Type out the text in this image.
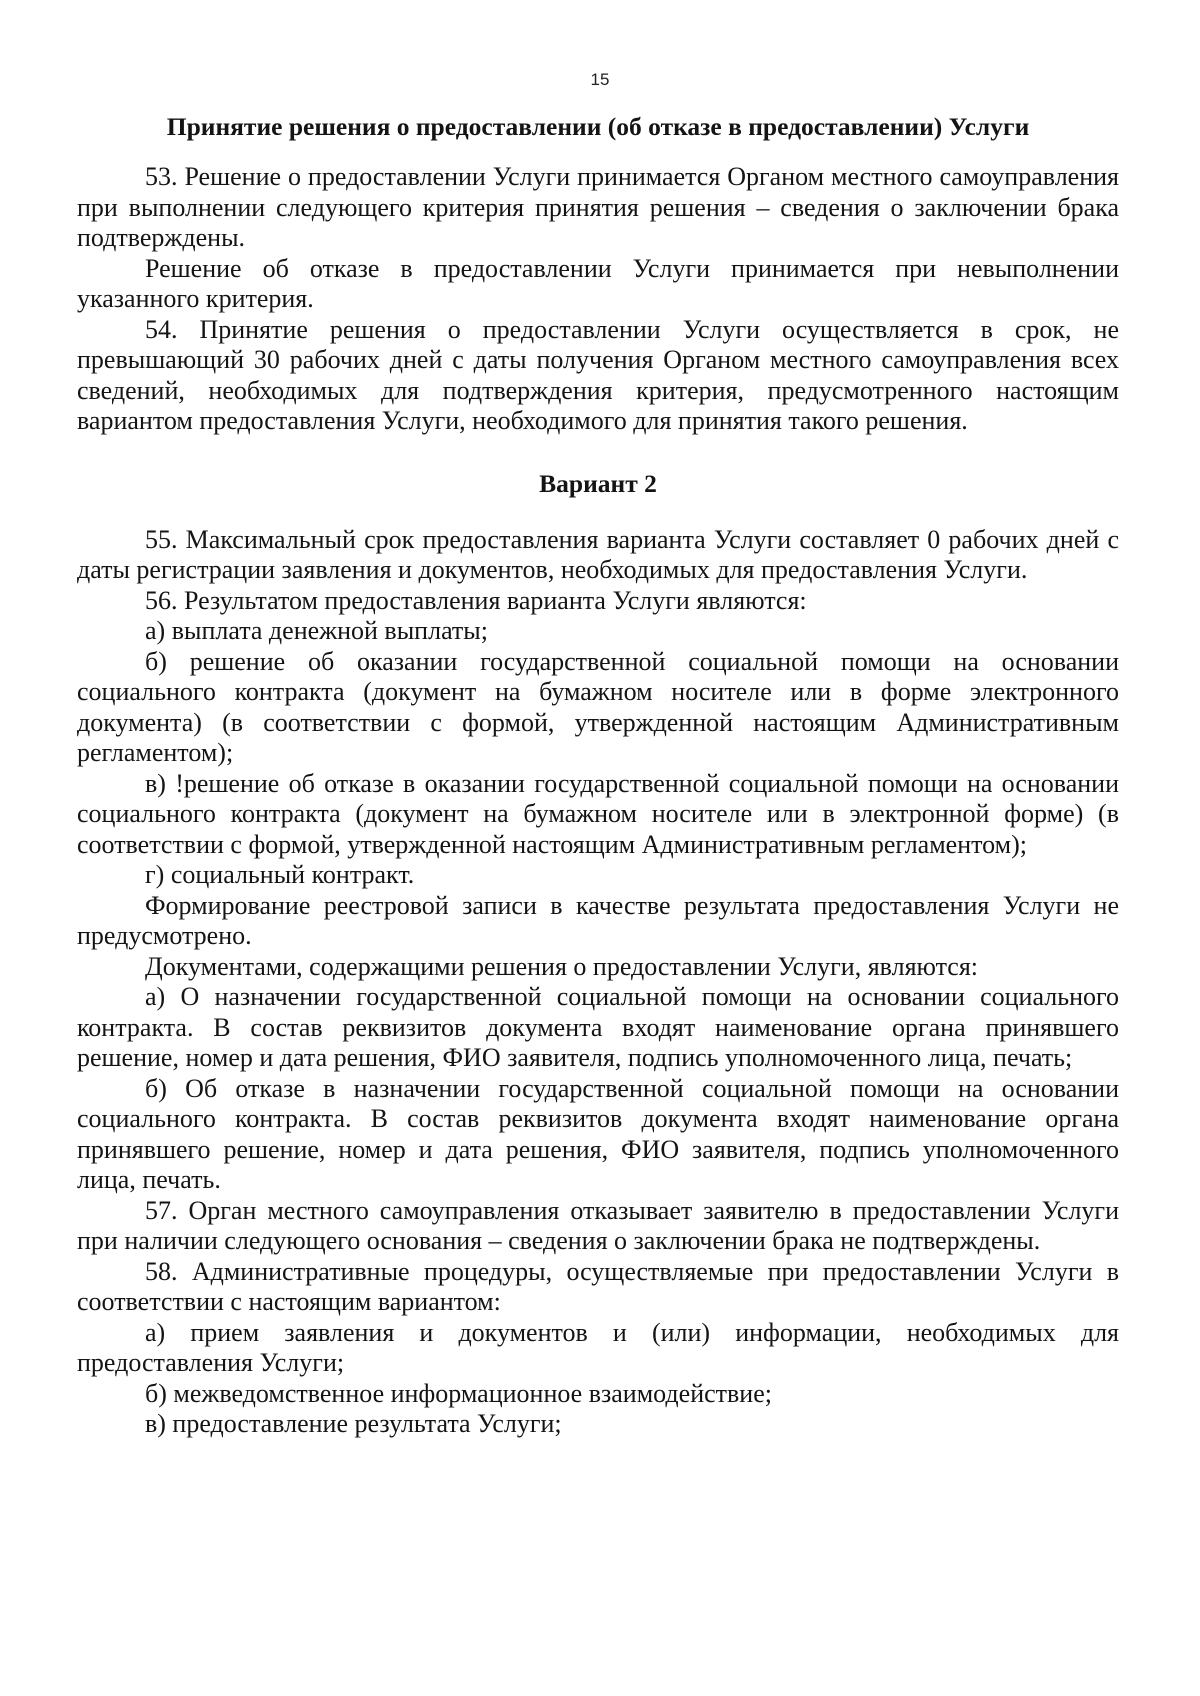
15
Принятие решения о предоставлении (об отказе в предоставлении) Услуги

53. Решение о предоставлении Услуги принимается Органом местного самоуправления при выполнении следующего критерия принятия решения – сведения о заключении брака подтверждены.

Решение об отказе в предоставлении Услуги принимается при невыполнении указанного критерия.

54. Принятие решения о предоставлении Услуги осуществляется в срок, не превышающий 30 рабочих дней с даты получения Органом местного самоуправления всех сведений, необходимых для подтверждения критерия, предусмотренного настоящим вариантом предоставления Услуги, необходимого для принятия такого решения.

Вариант 2

55. Максимальный срок предоставления варианта Услуги составляет 0 рабочих дней с даты регистрации заявления и документов, необходимых для предоставления Услуги.

56. Результатом предоставления варианта Услуги являются:

а) выплата денежной выплаты;

б) решение об оказании государственной социальной помощи на основании социального контракта (документ на бумажном носителе или в форме электронного документа) (в соответствии с формой, утвержденной настоящим Административным регламентом);

в) !решение об отказе в оказании государственной социальной помощи на основании социального контракта (документ на бумажном носителе или в электронной форме) (в соответствии с формой, утвержденной настоящим Административным регламентом);

г) социальный контракт.

Формирование реестровой записи в качестве результата предоставления Услуги не предусмотрено.

Документами, содержащими решения о предоставлении Услуги, являются:

а) О назначении государственной социальной помощи на основании социального контракта. В состав реквизитов документа входят наименование органа принявшего решение, номер и дата решения, ФИО заявителя, подпись уполномоченного лица, печать;

б) Об отказе в назначении государственной социальной помощи на основании социального контракта. В состав реквизитов документа входят наименование органа принявшего решение, номер и дата решения, ФИО заявителя, подпись уполномоченного лица, печать.

57. Орган местного самоуправления отказывает заявителю в предоставлении Услуги при наличии следующего основания – сведения о заключении брака не подтверждены.

58. Административные процедуры, осуществляемые при предоставлении Услуги в соответствии с настоящим вариантом:

а) прием заявления и документов и (или) информации, необходимых для предоставления Услуги;

б) межведомственное информационное взаимодействие;

в) предоставление результата Услуги;
